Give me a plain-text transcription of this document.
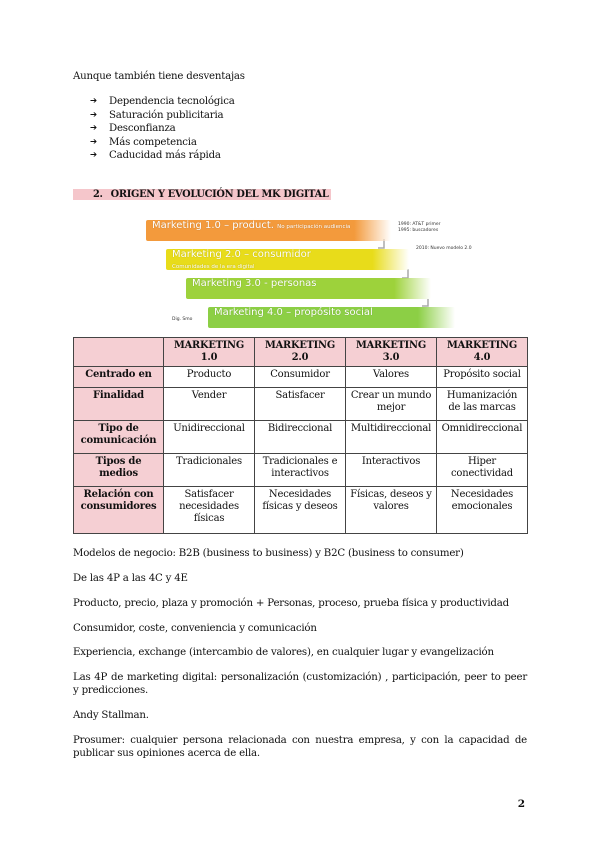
Aunque también tiene desventajas
➔	Dependencia tecnológica
➔	Saturación publicitaria
➔	Desconfianza
➔	Más competencia
➔	Caducidad más rápida
2. ORIGEN Y EVOLUCIÓN DEL MK DIGITAL
Marketing 1.0 – product. No participación audiencia
Marketing 2.0 – consumidor
Comunidades de la era digital
Marketing 3.0 - personas
Marketing 4.0 – propósito social
1990: AT&T primer
1995: buscadores
2010: Nuevo modelo 2.0
Dig. Smo
	MARKETING 1.0	MARKETING 2.0	MARKETING 3.0	MARKETING 4.0
Centrado en	Producto	Consumidor	Valores	Propósito social
Finalidad	Vender	Satisfacer	Crear un mundo mejor	Humanización de las marcas
Tipo de comunicación	Unidireccional	Bidireccional	Multidireccional	Omnidireccional
Tipos de medios	Tradicionales	Tradicionales e interactivos	Interactivos	Hiper conectividad
Relación con consumidores	Satisfacer necesidades físicas	Necesidades físicas y deseos	Físicas, deseos y valores	Necesidades emocionales
Modelos de negocio: B2B (business to business) y B2C (business to consumer)
De las 4P a las 4C y 4E
Producto, precio, plaza y promoción + Personas, proceso, prueba física y productividad
Consumidor, coste, conveniencia y comunicación
Experiencia, exchange (intercambio de valores), en cualquier lugar y evangelización
Las 4P de marketing digital: personalización (customización) , participación, peer to peer y predicciones.
Andy Stallman.
Prosumer: cualquier persona relacionada con nuestra empresa, y con la capacidad de publicar sus opiniones acerca de ella.
2
